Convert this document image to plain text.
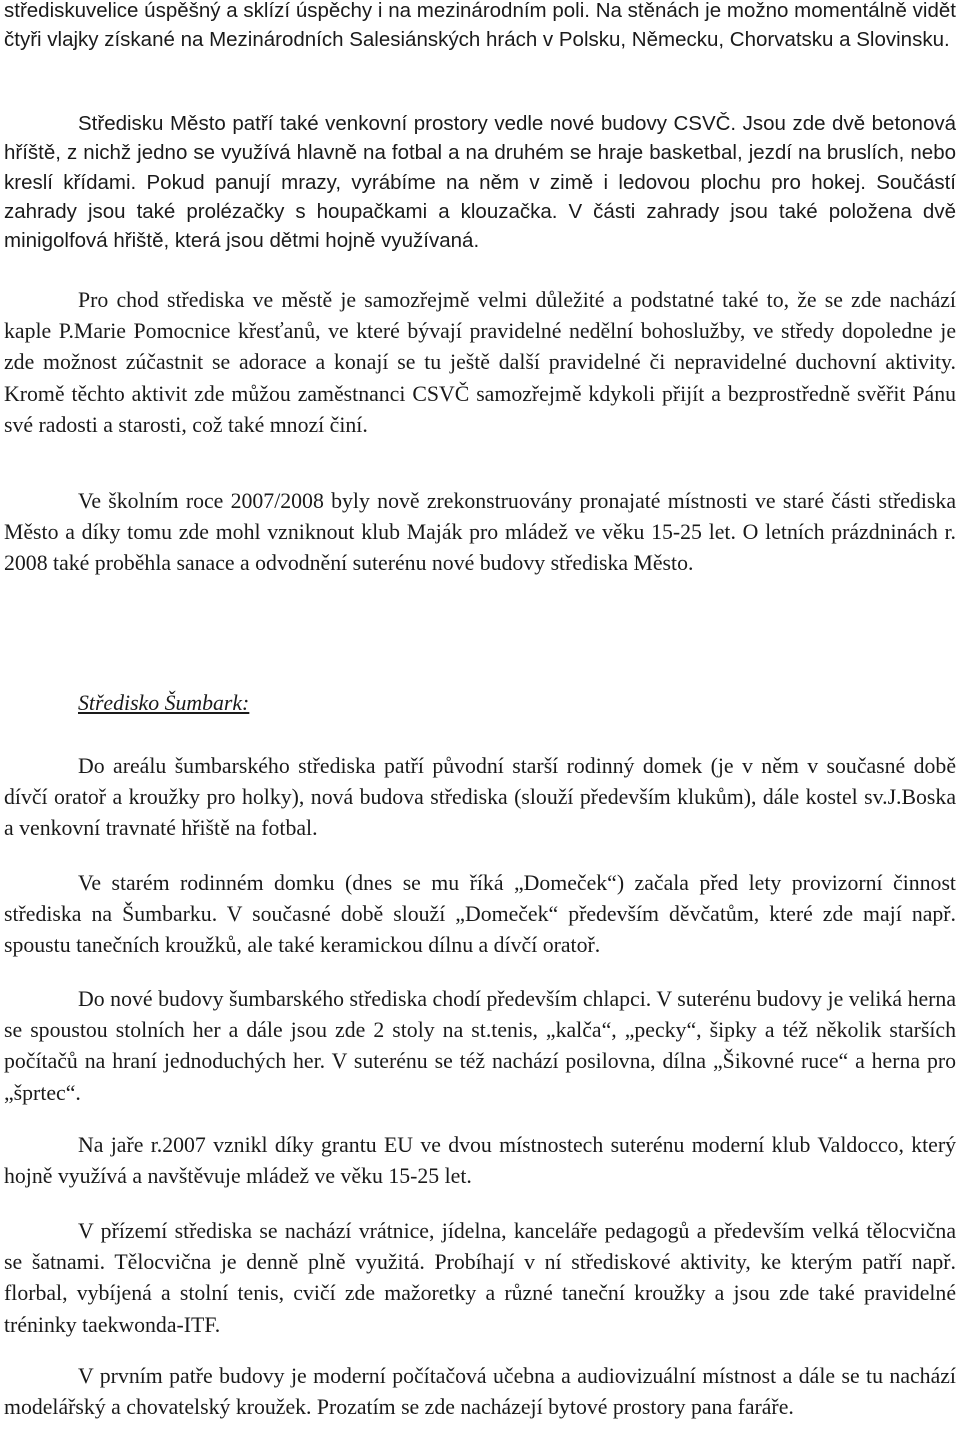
střediskuvelice úspěšný a sklízí úspěchy i na mezinárodním poli. Na stěnách je možno momentálně vidět čtyři vlajky získané na Mezinárodních Salesiánských hrách v Polsku, Německu, Chorvatsku a Slovinsku.

Středisku Město patří také venkovní prostory vedle nové budovy CSVČ. Jsou zde dvě betonová hříště, z nichž jedno se využívá hlavně na fotbal a na druhém se hraje basketbal, jezdí na bruslích, nebo kreslí křídami. Pokud panují mrazy, vyrábíme na něm v zimě i ledovou plochu pro hokej. Součástí zahrady jsou také prolézačky s houpačkami a klouzačka. V části zahrady jsou také položena dvě minigolfová hřiště, která jsou dětmi hojně využívaná.

Pro chod střediska ve městě je samozřejmě velmi důležité a podstatné také to, že se zde nachází kaple P.Marie Pomocnice křesťanů, ve které bývají pravidelné nedělní bohoslužby, ve středy dopoledne je zde možnost zúčastnit se adorace a konají se tu ještě další pravidelné či nepravidelné duchovní aktivity. Kromě těchto aktivit zde můžou zaměstnanci CSVČ samozřejmě kdykoli přijít a bezprostředně svěřit Pánu své radosti a starosti, což také mnozí činí.

Ve školním roce 2007/2008 byly nově zrekonstruovány pronajaté místnosti ve staré části střediska Město a díky tomu zde mohl vzniknout klub Maják pro mládež ve věku 15-25 let. O letních prázdninách r. 2008 také proběhla sanace a odvodnění suterénu nové budovy střediska Město.

Středisko Šumbark:

Do areálu šumbarského střediska patří původní starší rodinný domek (je v něm v současné době dívčí oratoř a kroužky pro holky), nová budova střediska (slouží především klukům), dále kostel sv.J.Boska a venkovní travnaté hřiště na fotbal.

Ve starém rodinném domku (dnes se mu říká „Domeček“) začala před lety provizorní činnost střediska na Šumbarku. V současné době slouží „Domeček“ především děvčatům, které zde mají např. spoustu tanečních kroužků, ale také keramickou dílnu a dívčí oratoř.

Do nové budovy šumbarského střediska chodí především chlapci. V suterénu budovy je veliká herna se spoustou stolních her a dále jsou zde 2 stoly na st.tenis, „kalča“, „pecky“, šipky a též několik starších počítačů na hraní jednoduchých her. V suterénu se též nachází posilovna, dílna „Šikovné ruce“ a herna pro „šprtec“.

Na jaře r.2007 vznikl díky grantu EU ve dvou místnostech suterénu moderní klub Valdocco, který hojně využívá a navštěvuje mládež ve věku 15-25 let.

V přízemí střediska se nachází vrátnice, jídelna, kanceláře pedagogů a především velká tělocvična se šatnami. Tělocvična je denně plně využitá. Probíhají v ní střediskové aktivity, ke kterým patří např. florbal, vybíjená a stolní tenis, cvičí zde mažoretky a různé taneční kroužky a jsou zde také pravidelné tréninky taekwonda-ITF.

V prvním patře budovy je moderní počítačová učebna a audiovizuální místnost a dále se tu nachází modelářský a chovatelský kroužek. Prozatím se zde nacházejí bytové prostory pana faráře.
